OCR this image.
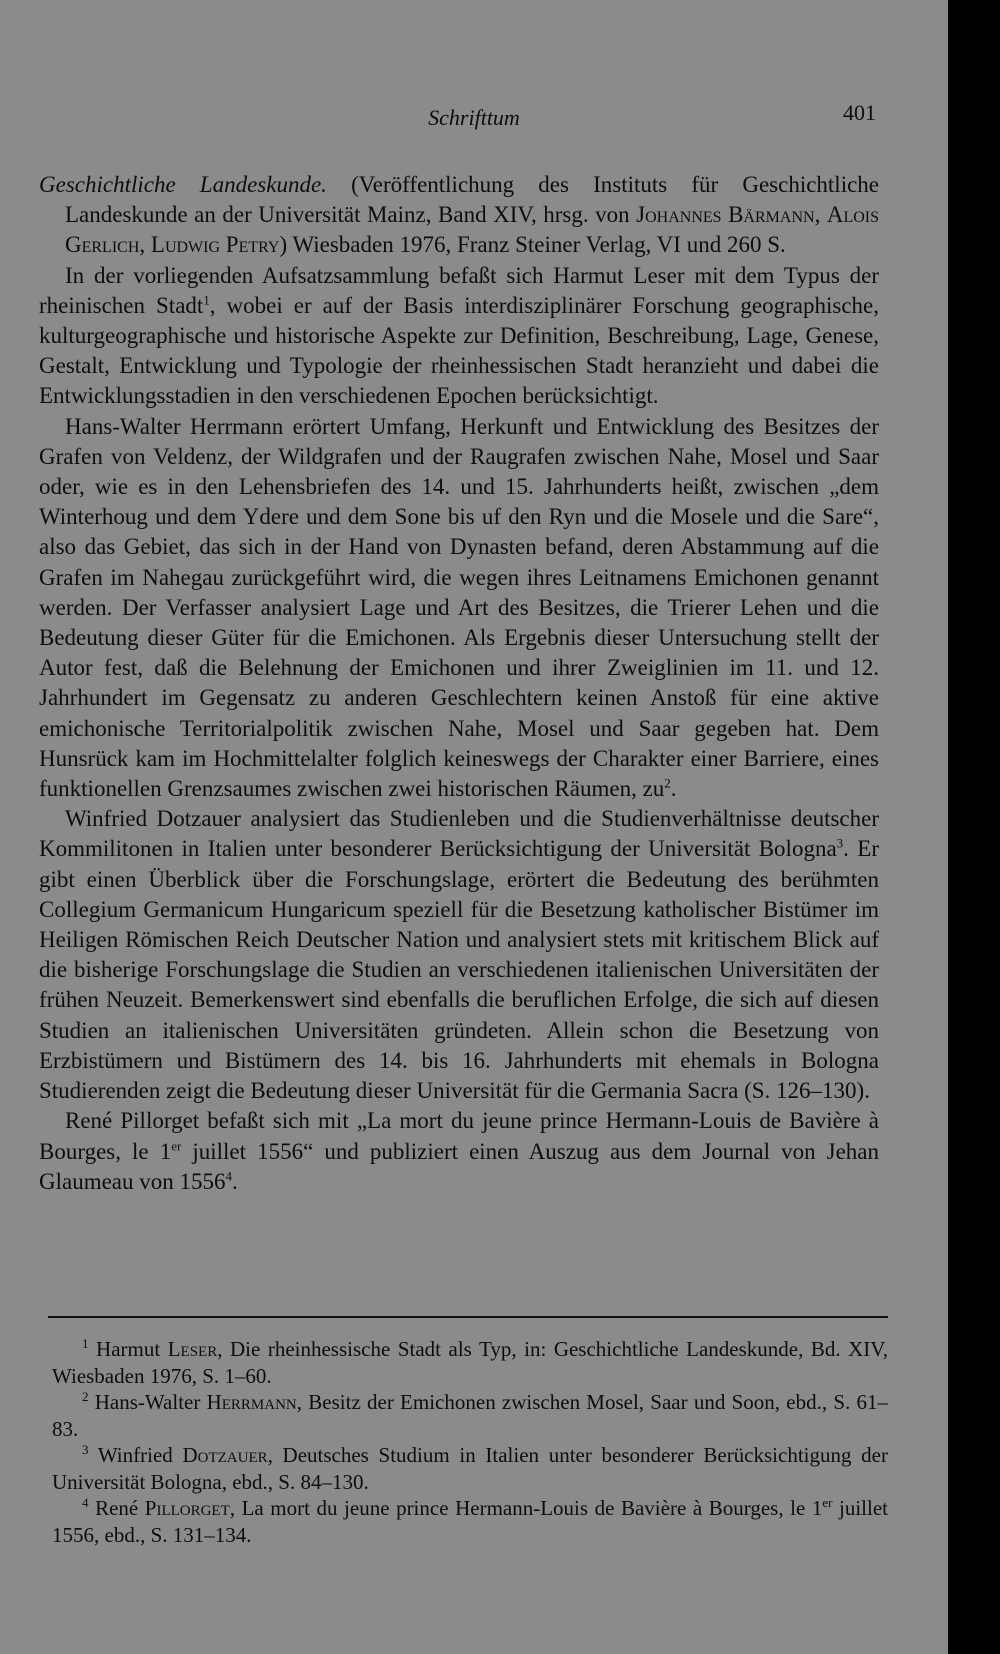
Schrifttum	401

Geschichtliche Landeskunde. (Veröffentlichung des Instituts für Geschichtliche Landeskunde an der Universität Mainz, Band XIV, hrsg. von Johannes Bärmann, Alois Gerlich, Ludwig Petry) Wiesbaden 1976, Franz Steiner Verlag, VI und 260 S.

In der vorliegenden Aufsatzsammlung befaßt sich Harmut Leser mit dem Typus der rheinischen Stadt$^1$, wobei er auf der Basis interdisziplinärer Forschung geographische, kulturgeographische und historische Aspekte zur Definition, Beschreibung, Lage, Genese, Gestalt, Entwicklung und Typologie der rheinhessischen Stadt heranzieht und dabei die Entwicklungsstadien in den verschiedenen Epochen berücksichtigt.

Hans-Walter Herrmann erörtert Umfang, Herkunft und Entwicklung des Besitzes der Grafen von Veldenz, der Wildgrafen und der Raugrafen zwischen Nahe, Mosel und Saar oder, wie es in den Lehensbriefen des 14. und 15. Jahrhunderts heißt, zwischen „dem Winterhoug und dem Ydere und dem Sone bis uf den Ryn und die Mosele und die Sare“, also das Gebiet, das sich in der Hand von Dynasten befand, deren Abstammung auf die Grafen im Nahegau zurückgeführt wird, die wegen ihres Leitnamens Emichonen genannt werden. Der Verfasser analysiert Lage und Art des Besitzes, die Trierer Lehen und die Bedeutung dieser Güter für die Emichonen. Als Ergebnis dieser Untersuchung stellt der Autor fest, daß die Belehnung der Emichonen und ihrer Zweiglinien im 11. und 12. Jahrhundert im Gegensatz zu anderen Geschlechtern keinen Anstoß für eine aktive emichonische Territorialpolitik zwischen Nahe, Mosel und Saar gegeben hat. Dem Hunsrück kam im Hochmittelalter folglich keineswegs der Charakter einer Barriere, eines funktionellen Grenzsaumes zwischen zwei historischen Räumen, $zu^2$.

Winfried Dotzauer analysiert das Studienleben und die Studienverhältnisse deutscher Kommilitonen in Italien unter besonderer Berücksichtigung der Universität Bologna$^3$. Er gibt einen Überblick über die Forschungslage, erörtert die Bedeutung des berühmten Collegium Germanicum Hungaricum speziell für die Besetzung katholischer Bistümer im Heiligen Römischen Reich Deutscher Nation und analysiert stets mit kritischem Blick auf die bisherige Forschungslage die Studien an verschiedenen italienischen Universitäten der frühen Neuzeit. Bemerkenswert sind ebenfalls die beruflichen Erfolge, die sich auf diesen Studien an italienischen Universitäten gründeten. Allein schon die Besetzung von Erzbistümern und Bistümern des 14. bis 16. Jahrhunderts mit ehemals in Bologna Studierenden zeigt die Bedeutung dieser Universität für die Germania Sacra (S. 126–130).

René Pillorget befaßt sich mit „La mort du jeune prince Hermann-Louis de Bavière à Bourges, le 1er juillet 1556“ und publiziert einen Auszug aus dem Journal von Jehan Glaumeau von 1556$^4$.

$^1$ Harmut Leser, Die rheinhessische Stadt als Typ, in: Geschichtliche Landeskunde, Bd. XIV, Wiesbaden 1976, S. 1–60.

$^2$ Hans-Walter Herrmann, Besitz der Emichonen zwischen Mosel, Saar und Soon, ebd., S. 61–83.

$^3$ Winfried Dotzauer, Deutsches Studium in Italien unter besonderer Berücksichtigung der Universität Bologna, ebd., S. 84–130.

$^4$ René Pillorget, La mort du jeune prince Hermann-Louis de Bavière à Bourges, le 1er juillet 1556, ebd., S. 131–134.
